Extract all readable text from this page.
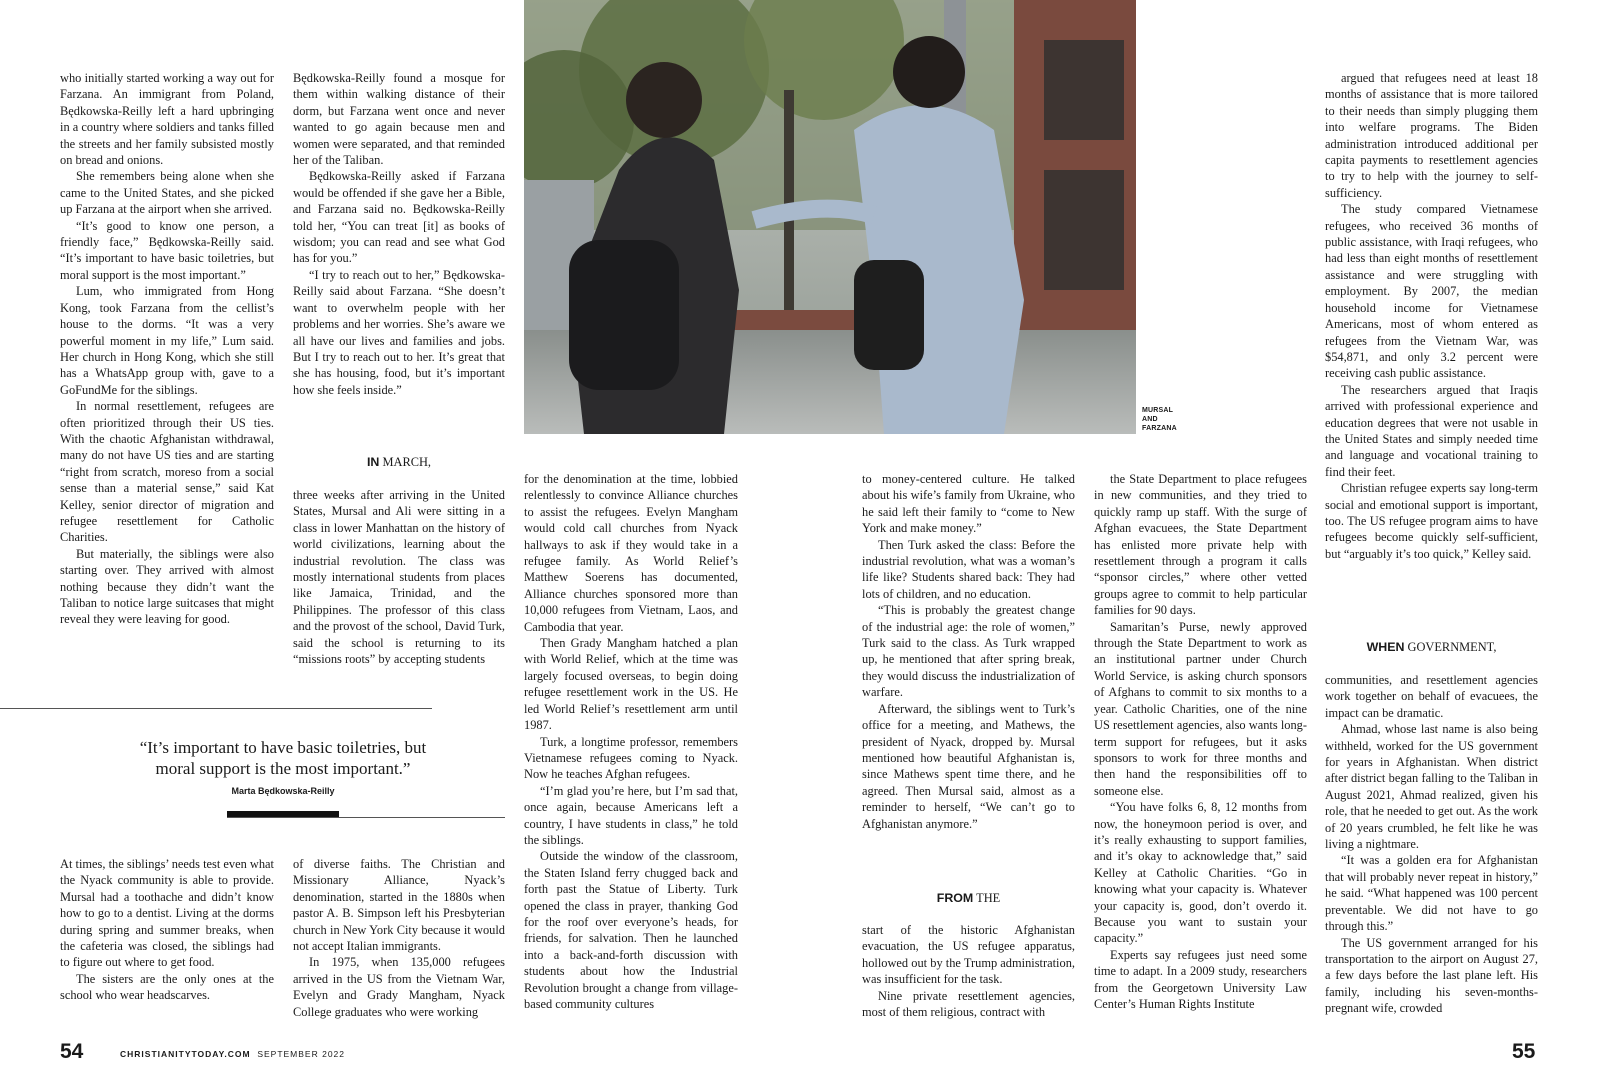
who initially started working a way out for Farzana. An immigrant from Poland, Będkowska-Reilly left a hard upbringing in a country where soldiers and tanks filled the streets and her family subsisted mostly on bread and onions.

She remembers being alone when she came to the United States, and she picked up Farzana at the airport when she arrived.

“It’s good to know one person, a friendly face,” Będkowska-Reilly said. “It’s important to have basic toiletries, but moral support is the most important.”

Lum, who immigrated from Hong Kong, took Farzana from the cellist’s house to the dorms. “It was a very powerful moment in my life,” Lum said. Her church in Hong Kong, which she still has a WhatsApp group with, gave to a GoFundMe for the siblings.

In normal resettlement, refugees are often prioritized through their US ties. With the chaotic Afghanistan withdrawal, many do not have US ties and are starting “right from scratch, moreso from a social sense than a material sense,” said Kat Kelley, senior director of migration and refugee resettlement for Catholic Charities.

But materially, the siblings were also starting over. They arrived with almost nothing because they didn’t want the Taliban to notice large suitcases that might reveal they were leaving for good.

Będkowska-Reilly found a mosque for them within walking distance of their dorm, but Farzana went once and never wanted to go again because men and women were separated, and that reminded her of the Taliban.

Będkowska-Reilly asked if Farzana would be offended if she gave her a Bible, and Farzana said no. Będkowska-Reilly told her, “You can treat [it] as books of wisdom; you can read and see what God has for you.”

“I try to reach out to her,” Będkowska-Reilly said about Farzana. “She doesn’t want to overwhelm people with her problems and her worries. She’s aware we all have our lives and families and jobs. But I try to reach out to her. It’s great that she has housing, food, but it’s important how she feels inside.”

IN MARCH,

three weeks after arriving in the United States, Mursal and Ali were sitting in a class in lower Manhattan on the history of world civilizations, learning about the industrial revolution. The class was mostly international students from places like Jamaica, Trinidad, and the Philippines. The professor of this class and the provost of the school, David Turk, said the school is returning to its “missions roots” by accepting students

“It’s important to have basic toiletries, but moral support is the most important.”
Marta Będkowska-Reilly

At times, the siblings’ needs test even what the Nyack community is able to provide. Mursal had a toothache and didn’t know how to go to a dentist. Living at the dorms during spring and summer breaks, when the cafeteria was closed, the siblings had to figure out where to get food.

The sisters are the only ones at the school who wear headscarves.

of diverse faiths. The Christian and Missionary Alliance, Nyack’s denomination, started in the 1880s when pastor A. B. Simpson left his Presbyterian church in New York City because it would not accept Italian immigrants.

In 1975, when 135,000 refugees arrived in the US from the Vietnam War, Evelyn and Grady Mangham, Nyack College graduates who were working

for the denomination at the time, lobbied relentlessly to convince Alliance churches to assist the refugees. Evelyn Mangham would cold call churches from Nyack hallways to ask if they would take in a refugee family. As World Relief’s Matthew Soerens has documented, Alliance churches sponsored more than 10,000 refugees from Vietnam, Laos, and Cambodia that year.

Then Grady Mangham hatched a plan with World Relief, which at the time was largely focused overseas, to begin doing refugee resettlement work in the US. He led World Relief’s resettlement arm until 1987.

Turk, a longtime professor, remembers Vietnamese refugees coming to Nyack. Now he teaches Afghan refugees.

“I’m glad you’re here, but I’m sad that, once again, because Americans left a country, I have students in class,” he told the siblings.

Outside the window of the classroom, the Staten Island ferry chugged back and forth past the Statue of Liberty. Turk opened the class in prayer, thanking God for the roof over everyone’s heads, for friends, for salvation. Then he launched into a back-and-forth discussion with students about how the Industrial Revolution brought a change from village-based community cultures

MURSAL
AND
FARZANA

to money-centered culture. He talked about his wife’s family from Ukraine, who he said left their family to “come to New York and make money.”

Then Turk asked the class: Before the industrial revolution, what was a woman’s life like? Students shared back: They had lots of children, and no education.

“This is probably the greatest change of the industrial age: the role of women,” Turk said to the class. As Turk wrapped up, he mentioned that after spring break, they would discuss the industrialization of warfare.

Afterward, the siblings went to Turk’s office for a meeting, and Mathews, the president of Nyack, dropped by. Mursal mentioned how beautiful Afghanistan is, since Mathews spent time there, and he agreed. Then Mursal said, almost as a reminder to herself, “We can’t go to Afghanistan anymore.”

FROM THE

start of the historic Afghanistan evacuation, the US refugee apparatus, hollowed out by the Trump administration, was insufficient for the task.

Nine private resettlement agencies, most of them religious, contract with

the State Department to place refugees in new communities, and they tried to quickly ramp up staff. With the surge of Afghan evacuees, the State Department has enlisted more private help with resettlement through a program it calls “sponsor circles,” where other vetted groups agree to commit to help particular families for 90 days.

Samaritan’s Purse, newly approved through the State Department to work as an institutional partner under Church World Service, is asking church sponsors of Afghans to commit to six months to a year. Catholic Charities, one of the nine US resettlement agencies, also wants long-term support for refugees, but it asks sponsors to work for three months and then hand the responsibilities off to someone else.

“You have folks 6, 8, 12 months from now, the honeymoon period is over, and it’s really exhausting to support families, and it’s okay to acknowledge that,” said Kelley at Catholic Charities. “Go in knowing what your capacity is. Whatever your capacity is, good, don’t overdo it. Because you want to sustain your capacity.”

Experts say refugees just need some time to adapt. In a 2009 study, researchers from the Georgetown University Law Center’s Human Rights Institute

argued that refugees need at least 18 months of assistance that is more tailored to their needs than simply plugging them into welfare programs. The Biden administration introduced additional per capita payments to resettlement agencies to try to help with the journey to self-sufficiency.

The study compared Vietnamese refugees, who received 36 months of public assistance, with Iraqi refugees, who had less than eight months of resettlement assistance and were struggling with employment. By 2007, the median household income for Vietnamese Americans, most of whom entered as refugees from the Vietnam War, was $54,871, and only 3.2 percent were receiving cash public assistance.

The researchers argued that Iraqis arrived with professional experience and education degrees that were not usable in the United States and simply needed time and language and vocational training to find their feet.

Christian refugee experts say long-term social and emotional support is important, too. The US refugee program aims to have refugees become quickly self-sufficient, but “arguably it’s too quick,” Kelley said.

WHEN GOVERNMENT,

communities, and resettlement agencies work together on behalf of evacuees, the impact can be dramatic.

Ahmad, whose last name is also being withheld, worked for the US government for years in Afghanistan. When district after district began falling to the Taliban in August 2021, Ahmad realized, given his role, that he needed to get out. As the work of 20 years crumbled, he felt like he was living a nightmare.

“It was a golden era for Afghanistan that will probably never repeat in history,” he said. “What happened was 100 percent preventable. We did not have to go through this.”

The US government arranged for his transportation to the airport on August 27, a few days before the last plane left. His family, including his seven-months-pregnant wife, crowded

54	CHRISTIANITYTODAY.COM SEPTEMBER 2022	55
